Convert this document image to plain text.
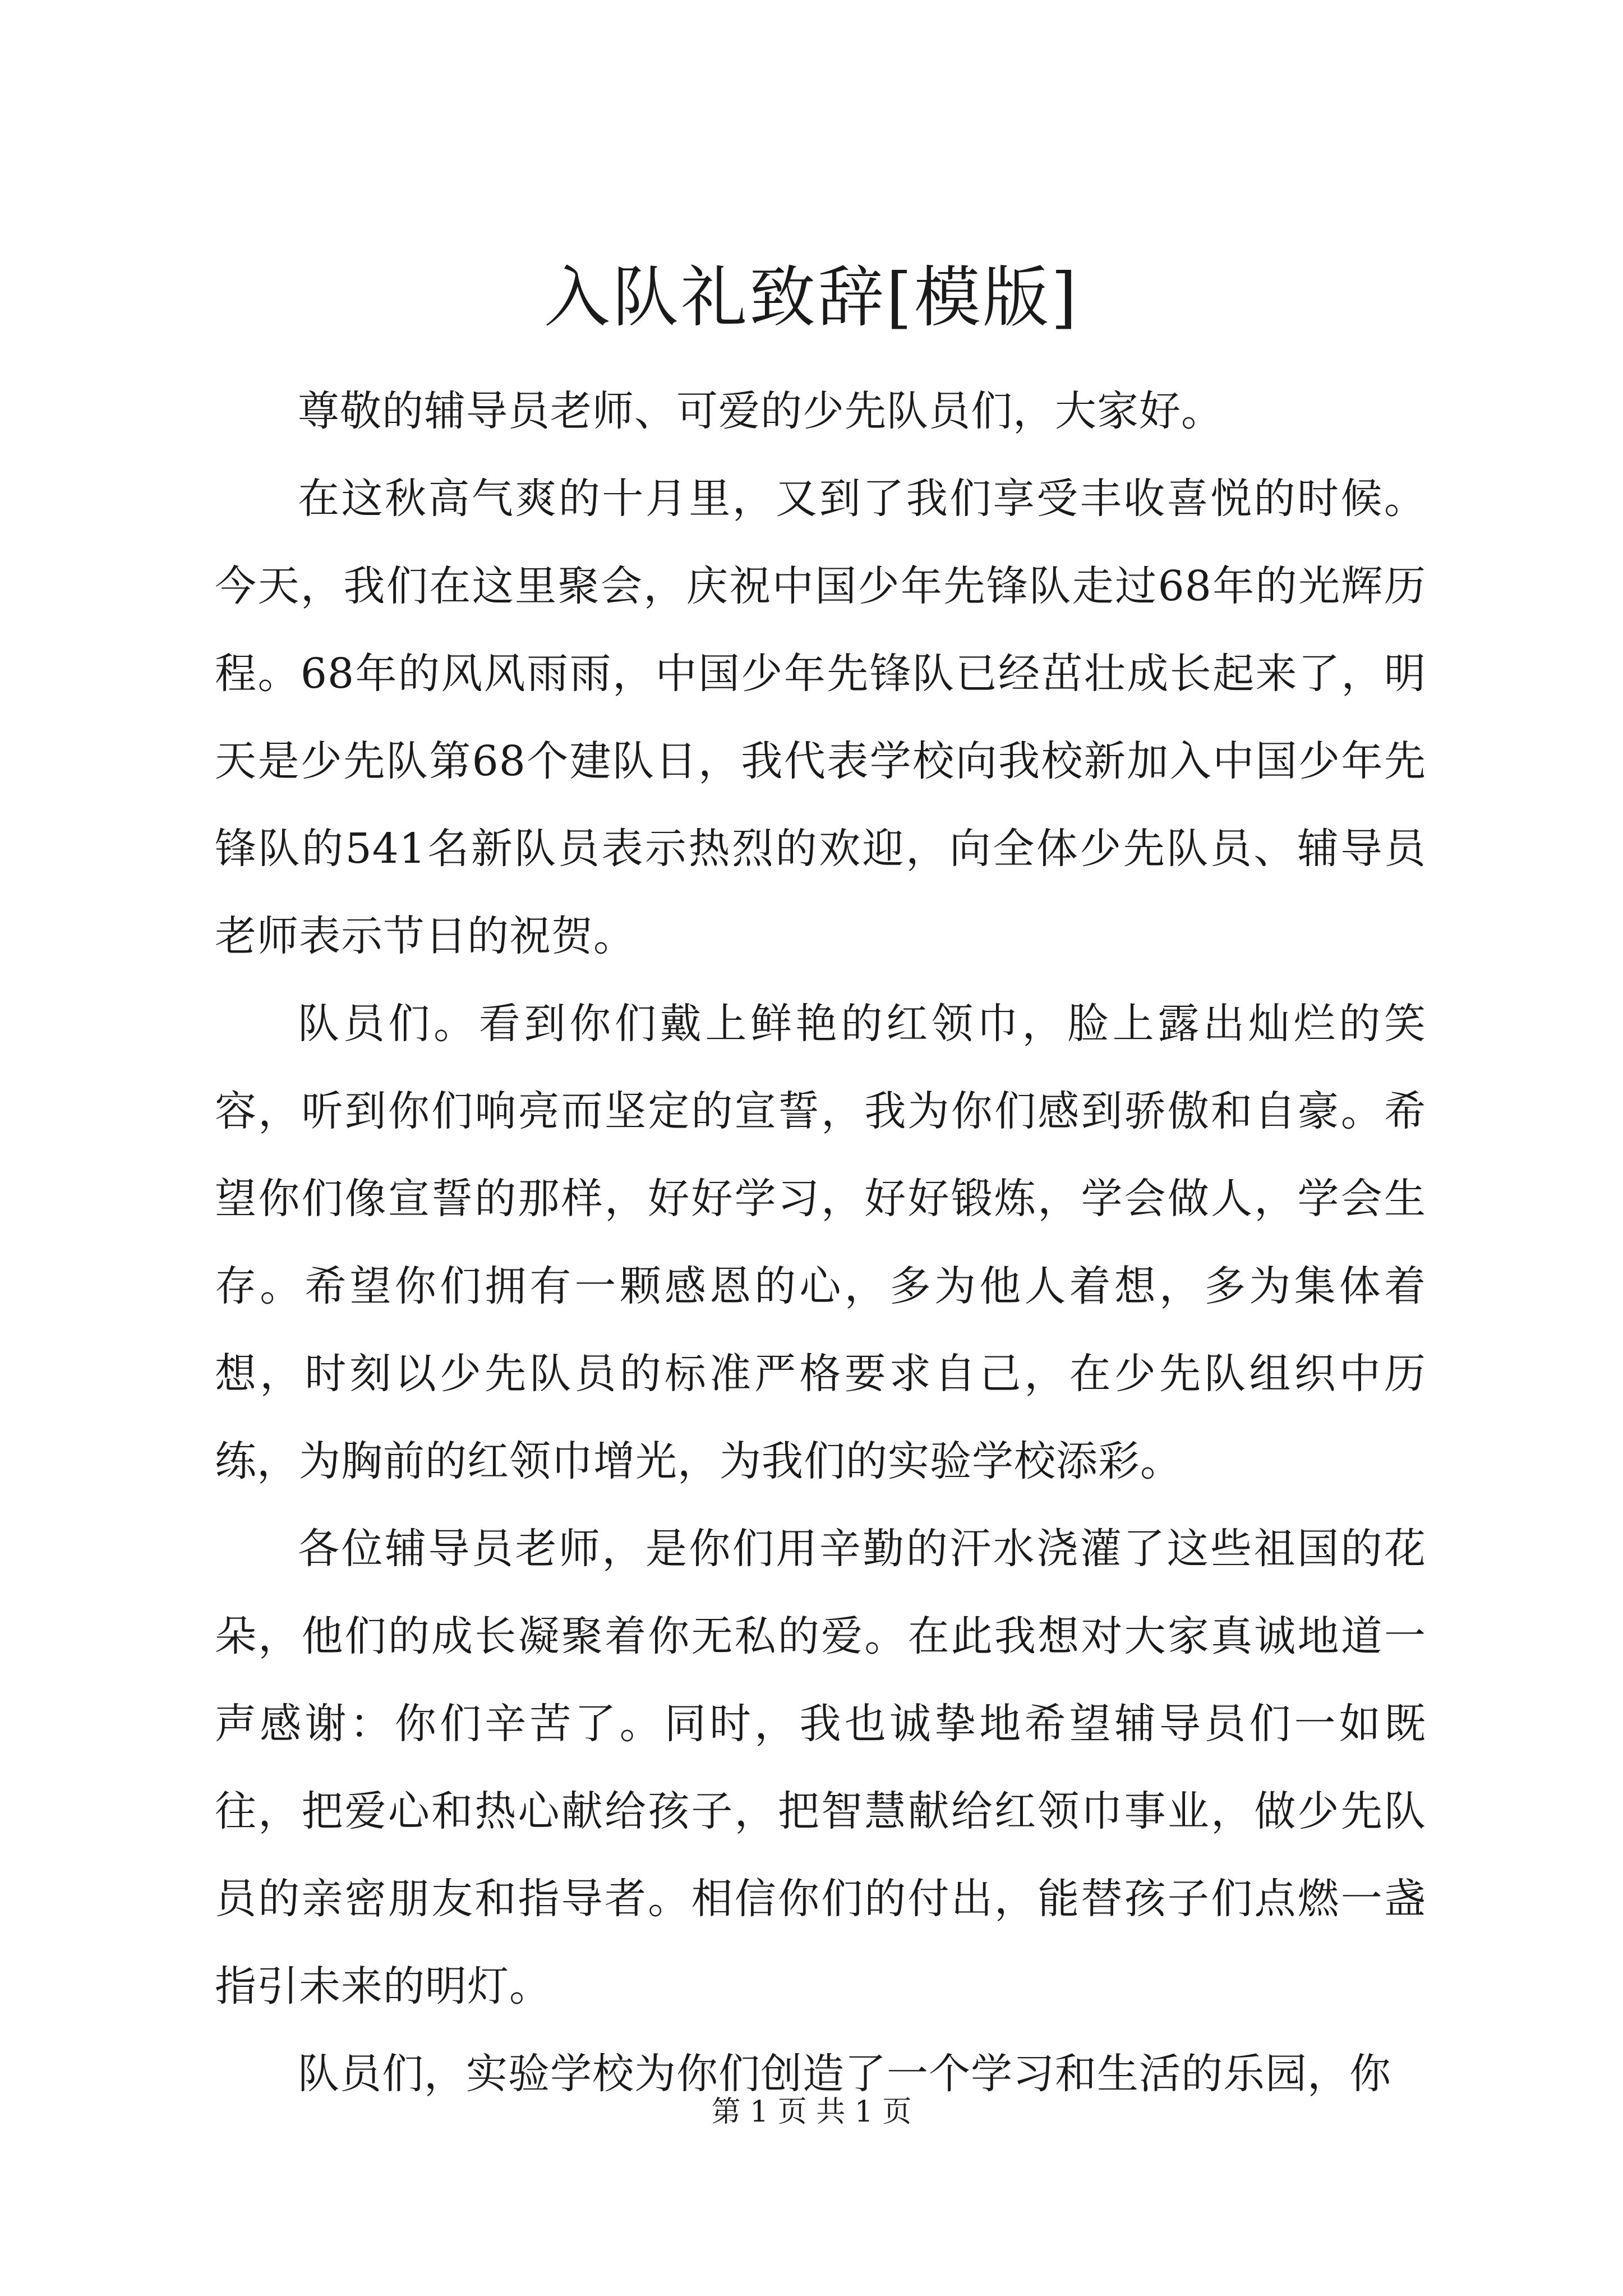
入队礼致辞[模版]

尊敬的辅导员老师、可爱的少先队员们，大家好。

在这秋高气爽的十月里，又到了我们享受丰收喜悦的时候。今天，我们在这里聚会，庆祝中国少年先锋队走过68年的光辉历程。68年的风风雨雨，中国少年先锋队已经茁壮成长起来了，明天是少先队第68个建队日，我代表学校向我校新加入中国少年先锋队的541名新队员表示热烈的欢迎，向全体少先队员、辅导员老师表示节日的祝贺。

队员们。看到你们戴上鲜艳的红领巾，脸上露出灿烂的笑容，听到你们响亮而坚定的宣誓，我为你们感到骄傲和自豪。希望你们像宣誓的那样，好好学习，好好锻炼，学会做人，学会生存。希望你们拥有一颗感恩的心，多为他人着想，多为集体着想，时刻以少先队员的标准严格要求自己，在少先队组织中历练，为胸前的红领巾增光，为我们的实验学校添彩。

各位辅导员老师，是你们用辛勤的汗水浇灌了这些祖国的花朵，他们的成长凝聚着你无私的爱。在此我想对大家真诚地道一声感谢：你们辛苦了。同时，我也诚挚地希望辅导员们一如既往，把爱心和热心献给孩子，把智慧献给红领巾事业，做少先队员的亲密朋友和指导者。相信你们的付出，能替孩子们点燃一盏指引未来的明灯。

队员们，实验学校为你们创造了一个学习和生活的乐园，你

第 1 页 共 1 页
